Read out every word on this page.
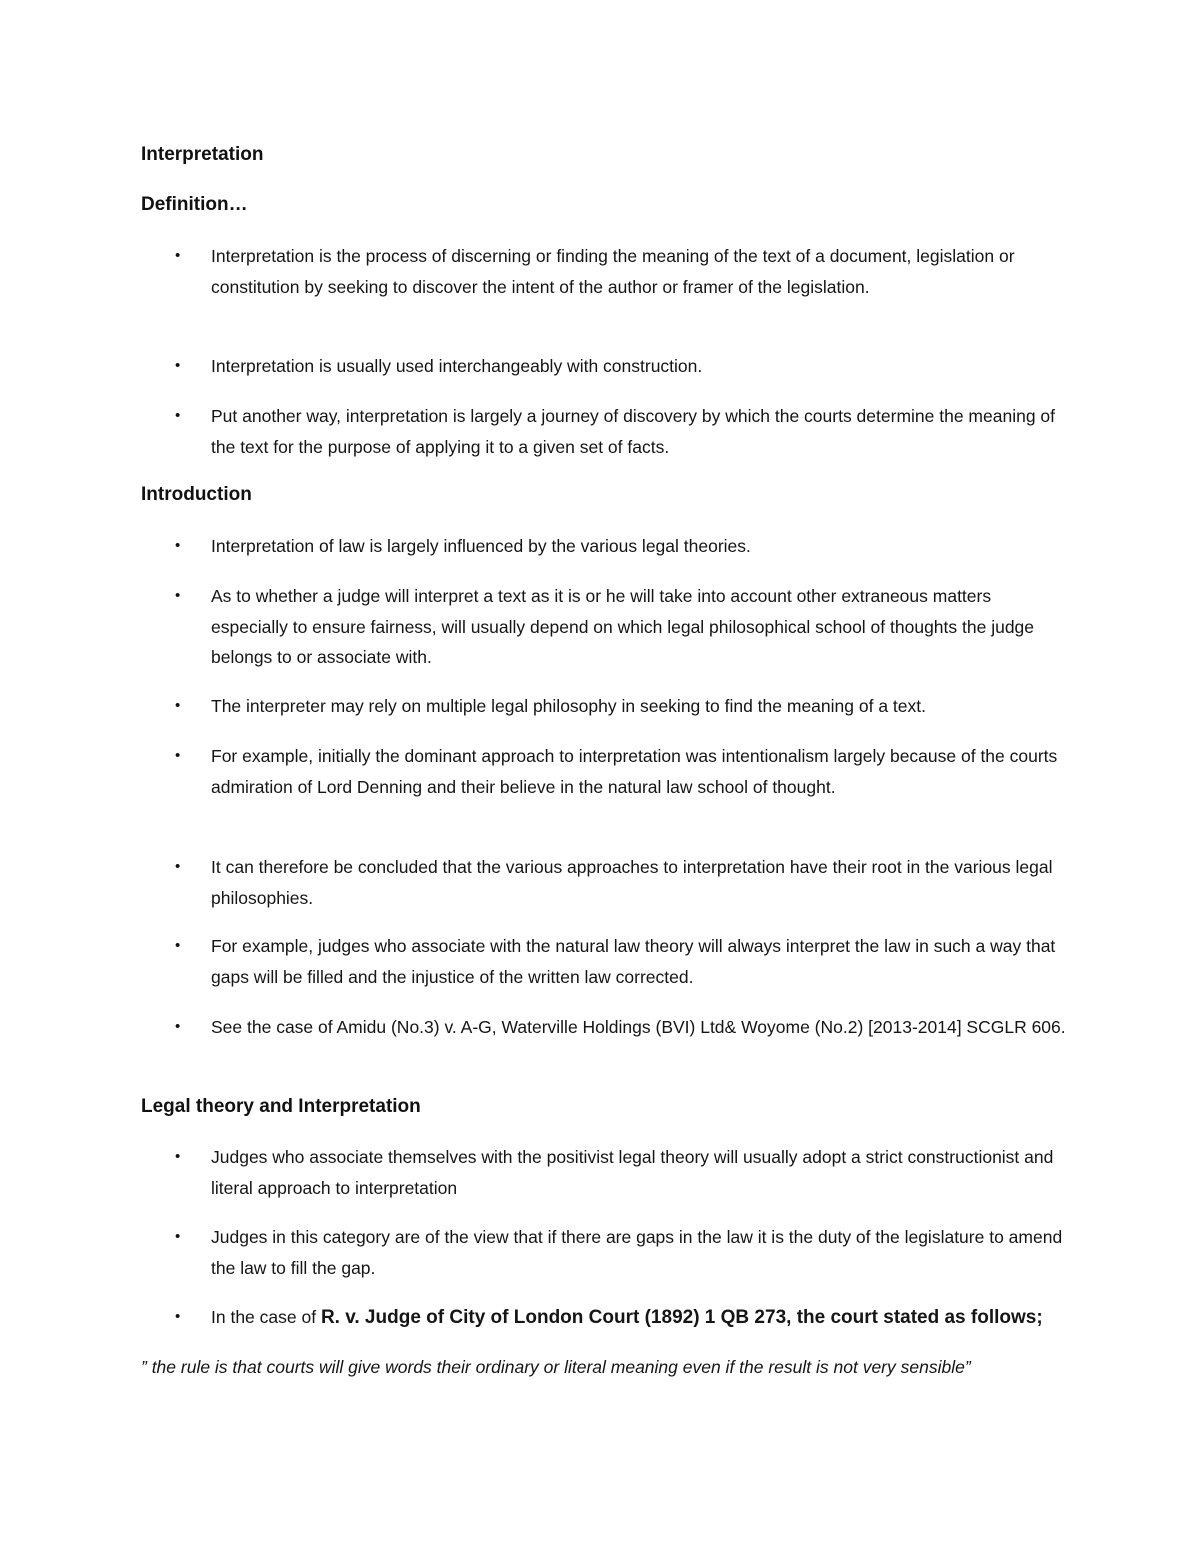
Interpretation
Definition…
• Interpretation is the process of discerning or finding the meaning of the text of a document, legislation or constitution by seeking to discover the intent of the author or framer of the legislation.
• Interpretation is usually used interchangeably with construction.
• Put another way, interpretation is largely a journey of discovery by which the courts determine the meaning of the text for the purpose of applying it to a given set of facts.
Introduction
• Interpretation of law is largely influenced by the various legal theories.
• As to whether a judge will interpret a text as it is or he will take into account other extraneous matters especially to ensure fairness, will usually depend on which legal philosophical school of thoughts the judge belongs to or associate with.
• The interpreter may rely on multiple legal philosophy in seeking to find the meaning of a text.
• For example, initially the dominant approach to interpretation was intentionalism largely because of the courts admiration of Lord Denning and their believe in the natural law school of thought.
• It can therefore be concluded that the various approaches to interpretation have their root in the various legal philosophies.
• For example, judges who associate with the natural law theory will always interpret the law in such a way that gaps will be filled and the injustice of the written law corrected.
• See the case of Amidu (No.3) v. A-G, Waterville Holdings (BVI) Ltd& Woyome (No.2) [2013-2014] SCGLR 606.
Legal theory and Interpretation
• Judges who associate themselves with the positivist legal theory will usually adopt a strict constructionist and literal approach to interpretation
• Judges in this category are of the view that if there are gaps in the law it is the duty of the legislature to amend the law to fill the gap.
• In the case of R. v. Judge of City of London Court (1892) 1 QB 273, the court stated as follows;
” the rule is that courts will give words their ordinary or literal meaning even if the result is not very sensible”
